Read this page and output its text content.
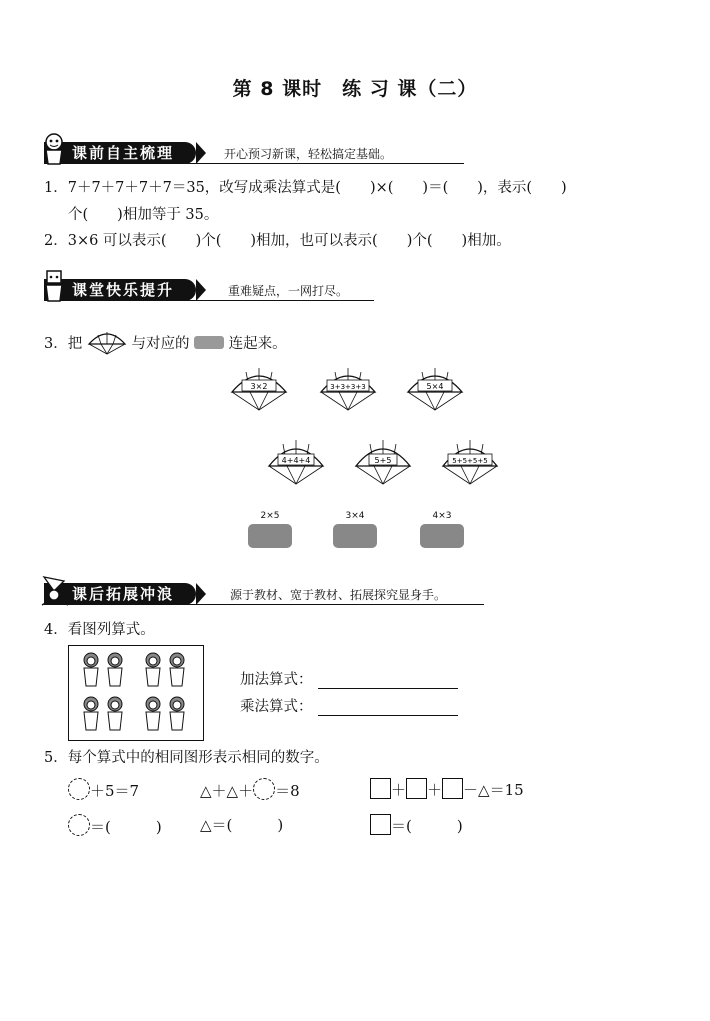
第 8 课时　练 习 课（二）
课前自主梳理	开心预习新课，轻松搞定基础。
1．7＋7＋7＋7＋7＝35，改写成乘法算式是(　　)×(　　)＝(　　)，表示(　　)
个(　　)相加等于 35。
2．3×6 可以表示(　　)个(　　)相加，也可以表示(　　)个(　　)相加。
课堂快乐提升	重难疑点，一网打尽。
3．把	与对应的	连起来。
3×2	3+3+3+3	5×4
4+4+4	5+5	5+5+5+5
2×5	3×4	4×3
课后拓展冲浪	源于教材、宽于教材、拓展探究显身手。
4．看图列算式。
加法算式：
乘法算式：
5．每个算式中的相同图形表示相同的数字。
＋5＝7	△＋△＋ ＝8	＋ ＋ －△＝15
＝(　　　)	△＝(　　　)	＝(　　　)
